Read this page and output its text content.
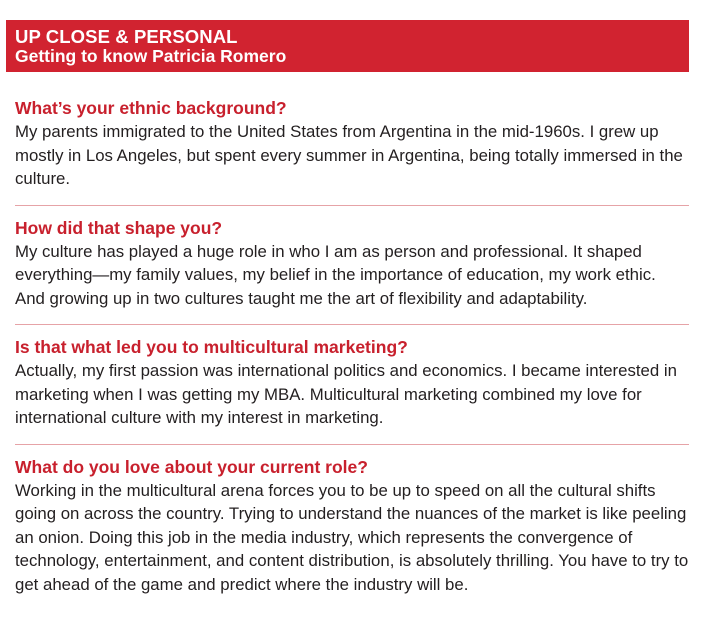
UP CLOSE & PERSONAL
Getting to know Patricia Romero
What’s your ethnic background?
My parents immigrated to the United States from Argentina in the mid-1960s. I grew up mostly in Los Angeles, but spent every summer in Argentina, being totally immersed in the culture.
How did that shape you?
My culture has played a huge role in who I am as person and professional. It shaped everything—my family values, my belief in the importance of education, my work ethic. And growing up in two cultures taught me the art of flexibility and adaptability.
Is that what led you to multicultural marketing?
Actually, my first passion was international politics and economics. I became interested in marketing when I was getting my MBA. Multicultural marketing combined my love for international culture with my interest in marketing.
What do you love about your current role?
Working in the multicultural arena forces you to be up to speed on all the cultural shifts going on across the country. Trying to understand the nuances of the market is like peeling an onion. Doing this job in the media industry, which represents the convergence of technology, entertainment, and content distribution, is absolutely thrilling. You have to try to get ahead of the game and predict where the industry will be.
